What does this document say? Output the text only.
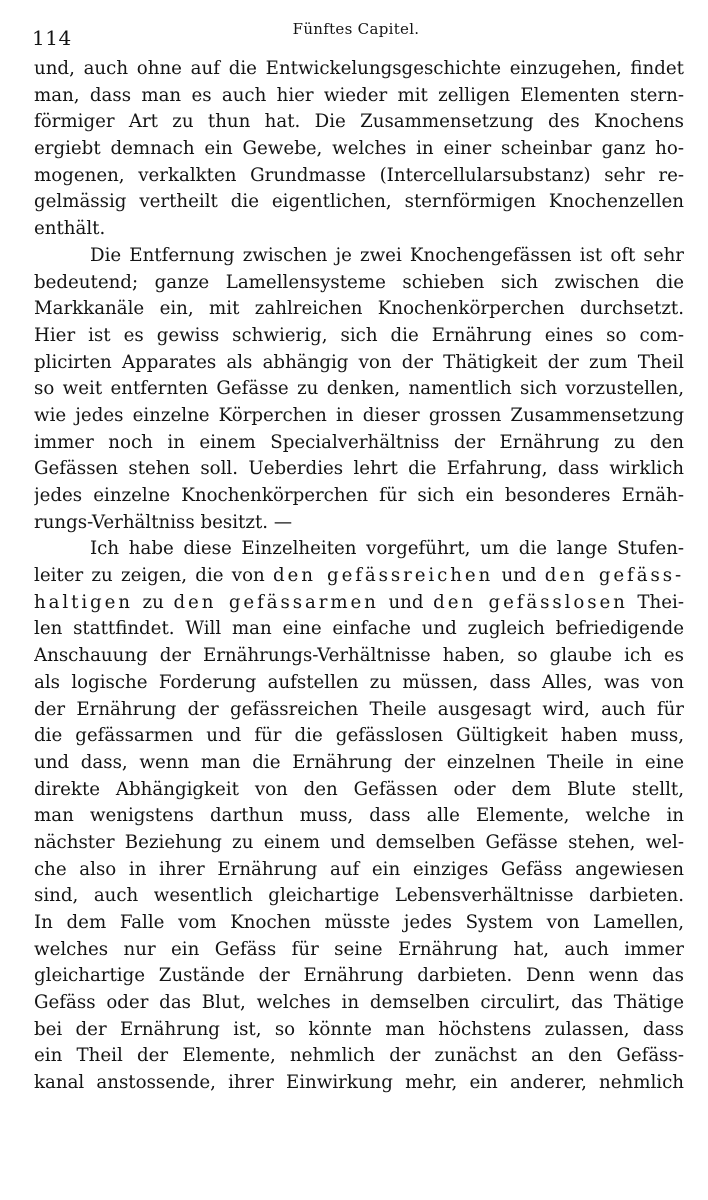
114	Fünftes Capitel.
und, auch ohne auf die Entwickelungsgeschichte einzugehen, findet
man, dass man es auch hier wieder mit zelligen Elementen stern-
förmiger Art zu thun hat. Die Zusammensetzung des Knochens
ergiebt demnach ein Gewebe, welches in einer scheinbar ganz ho-
mogenen, verkalkten Grundmasse (Intercellularsubstanz) sehr re-
gelmässig vertheilt die eigentlichen, sternförmigen Knochenzellen
enthält.
Die Entfernung zwischen je zwei Knochengefässen ist oft sehr
bedeutend; ganze Lamellensysteme schieben sich zwischen die
Markkanäle ein, mit zahlreichen Knochenkörperchen durchsetzt.
Hier ist es gewiss schwierig, sich die Ernährung eines so com-
plicirten Apparates als abhängig von der Thätigkeit der zum Theil
so weit entfernten Gefässe zu denken, namentlich sich vorzustellen,
wie jedes einzelne Körperchen in dieser grossen Zusammensetzung
immer noch in einem Specialverhältniss der Ernährung zu den
Gefässen stehen soll. Ueberdies lehrt die Erfahrung, dass wirklich
jedes einzelne Knochenkörperchen für sich ein besonderes Ernäh-
rungs-Verhältniss besitzt. —
Ich habe diese Einzelheiten vorgeführt, um die lange Stufen-
leiter zu zeigen, die von den gefässreichen und den gefäss-
haltigen zu den gefässarmen und den gefässlosen Thei-
len stattfindet. Will man eine einfache und zugleich befriedigende
Anschauung der Ernährungs-Verhältnisse haben, so glaube ich es
als logische Forderung aufstellen zu müssen, dass Alles, was von
der Ernährung der gefässreichen Theile ausgesagt wird, auch für
die gefässarmen und für die gefässlosen Gültigkeit haben muss,
und dass, wenn man die Ernährung der einzelnen Theile in eine
direkte Abhängigkeit von den Gefässen oder dem Blute stellt,
man wenigstens darthun muss, dass alle Elemente, welche in
nächster Beziehung zu einem und demselben Gefässe stehen, wel-
che also in ihrer Ernährung auf ein einziges Gefäss angewiesen
sind, auch wesentlich gleichartige Lebensverhältnisse darbieten.
In dem Falle vom Knochen müsste jedes System von Lamellen,
welches nur ein Gefäss für seine Ernährung hat, auch immer
gleichartige Zustände der Ernährung darbieten. Denn wenn das
Gefäss oder das Blut, welches in demselben circulirt, das Thätige
bei der Ernährung ist, so könnte man höchstens zulassen, dass
ein Theil der Elemente, nehmlich der zunächst an den Gefäss-
kanal anstossende, ihrer Einwirkung mehr, ein anderer, nehmlich
